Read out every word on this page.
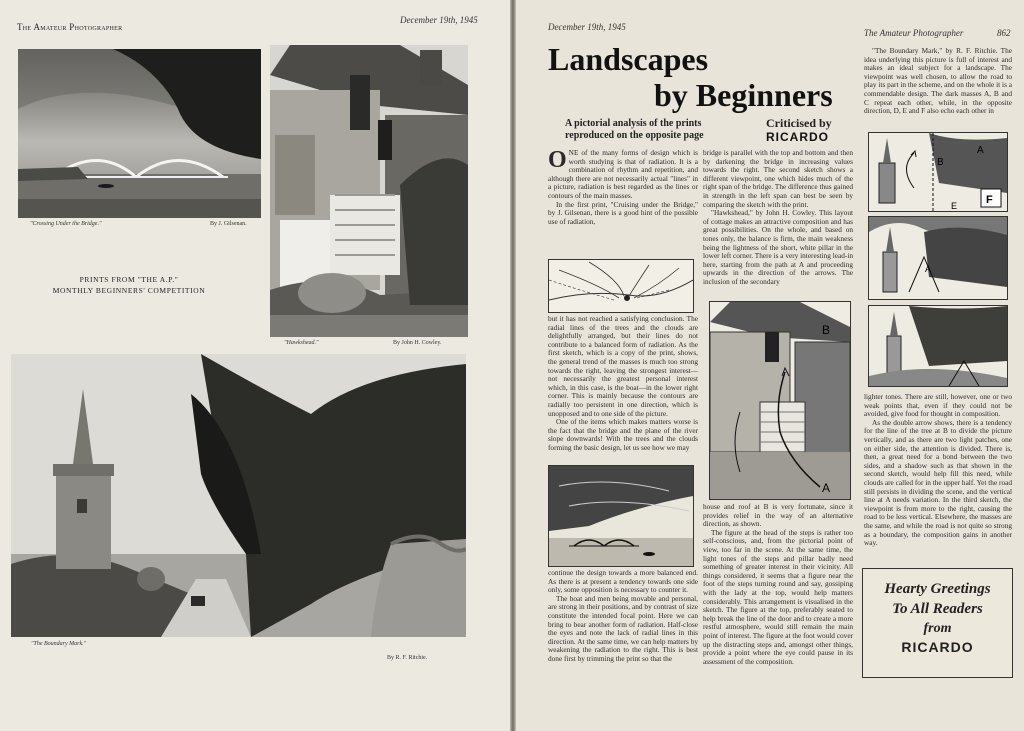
The Amateur Photographer
December 19th, 1945
"Crossing Under the Bridge."	By J. Gilsenan.
"Hawkshead."	By John H. Cowley.
PRINTS FROM "THE A.P."
MONTHLY BEGINNERS' COMPETITION
"The Boundary Mark."
By R. F. Ritchie.
December 19th, 1945
The Amateur Photographer	862
Landscapes
by Beginners
A pictorial analysis of the prints reproduced on the opposite page
Criticised by
RICARDO

ONE of the many forms of design which is worth studying is that of radiation. It is a combination of rhythm and repetition, and although there are not necessarily actual "lines" in a picture, radiation is best regarded as the lines or contours of the main masses.

In the first print, "Cruising under the Bridge," by J. Gilsenan, there is a good hint of the possible use of radiation,

bridge is parallel with the top and bottom and then by darkening the bridge in increasing values towards the right. The second sketch shows a different viewpoint, one which hides much of the right span of the bridge. The difference thus gained in strength in the left span can best be seen by comparing the sketch with the print.

"Hawkshead," by John H. Cowley. This layout of cottage makes an attractive composition and has great possibilities. On the whole, and based on tones only, the balance is firm, the main weakness being the lightness of the short, white pillar in the lower left corner. There is a very interesting lead-in here, starting from the path at A and proceeding upwards in the direction of the arrows. The inclusion of the secondary

but it has not reached a satisfying conclusion. The radial lines of the trees and the clouds are delightfully arranged, but their lines do not contribute to a balanced form of radiation. As the first sketch, which is a copy of the print, shows, the general trend of the masses is much too strong towards the right, leaving the strongest interest—not necessarily the greatest personal interest which, in this case, is the boat—in the lower right corner. This is mainly because the contours are radially too persistent in one direction, which is unopposed and to one side of the picture.

One of the items which makes matters worse is the fact that the bridge and the plane of the river slope downwards! With the trees and the clouds forming the basic design, let us see how we may

A
B

continue the design towards a more balanced end. As there is at present a tendency towards one side only, some opposition is necessary to counter it.

The boat and men being movable and personal, are strong in their positions, and by contrast of size constitute the intended focal point. Here we can bring to bear another form of radiation. Half-close the eyes and note the lack of radial lines in this direction. At the same time, we can help matters by weakening the radiation to the right. This is best done first by trimming the print so that the

house and roof at B is very fortunate, since it provides relief in the way of an alternative direction, as shown.

The figure at the head of the steps is rather too self-conscious, and, from the pictorial point of view, too far in the scene. At the same time, the light tones of the steps and pillar badly need something of greater interest in their vicinity. All things considered, it seems that a figure near the foot of the steps turning round and say, gossiping with the lady at the top, would help matters considerably. This arrangement is visualised in the sketch. The figure at the top, preferably seated to help break the line of the door and to create a more restful atmosphere, would still remain the main point of interest. The figure at the foot would cover up the distracting steps and, amongst other things, provide a point where the eye could pause in its assessment of the composition.

"The Boundary Mark," by R. F. Ritchie. The idea underlying this picture is full of interest and makes an ideal subject for a landscape. The viewpoint was well chosen, to allow the road to play its part in the scheme, and on the whole it is a commendable design. The dark masses A, B and C repeat each other, while, in the opposite direction, D, E and F also echo each other in

A
B
E	F
A

lighter tones. There are still, however, one or two weak points that, even if they could not be avoided, give food for thought in composition.

As the double arrow shows, there is a tendency for the line of the tree at B to divide the picture vertically, and as there are two light patches, one on either side, the attention is divided. There is, then, a great need for a bond between the two sides, and a shadow such as that shown in the second sketch, would help fill this need, while clouds are called for in the upper half. Yet the road still persists in dividing the scene, and the vertical line at A needs variation. In the third sketch, the viewpoint is from more to the right, causing the road to be less vertical. Elsewhere, the masses are the same, and while the road is not quite so strong as a boundary, the composition gains in another way.

Hearty Greetings
To All Readers
from
RICARDO
